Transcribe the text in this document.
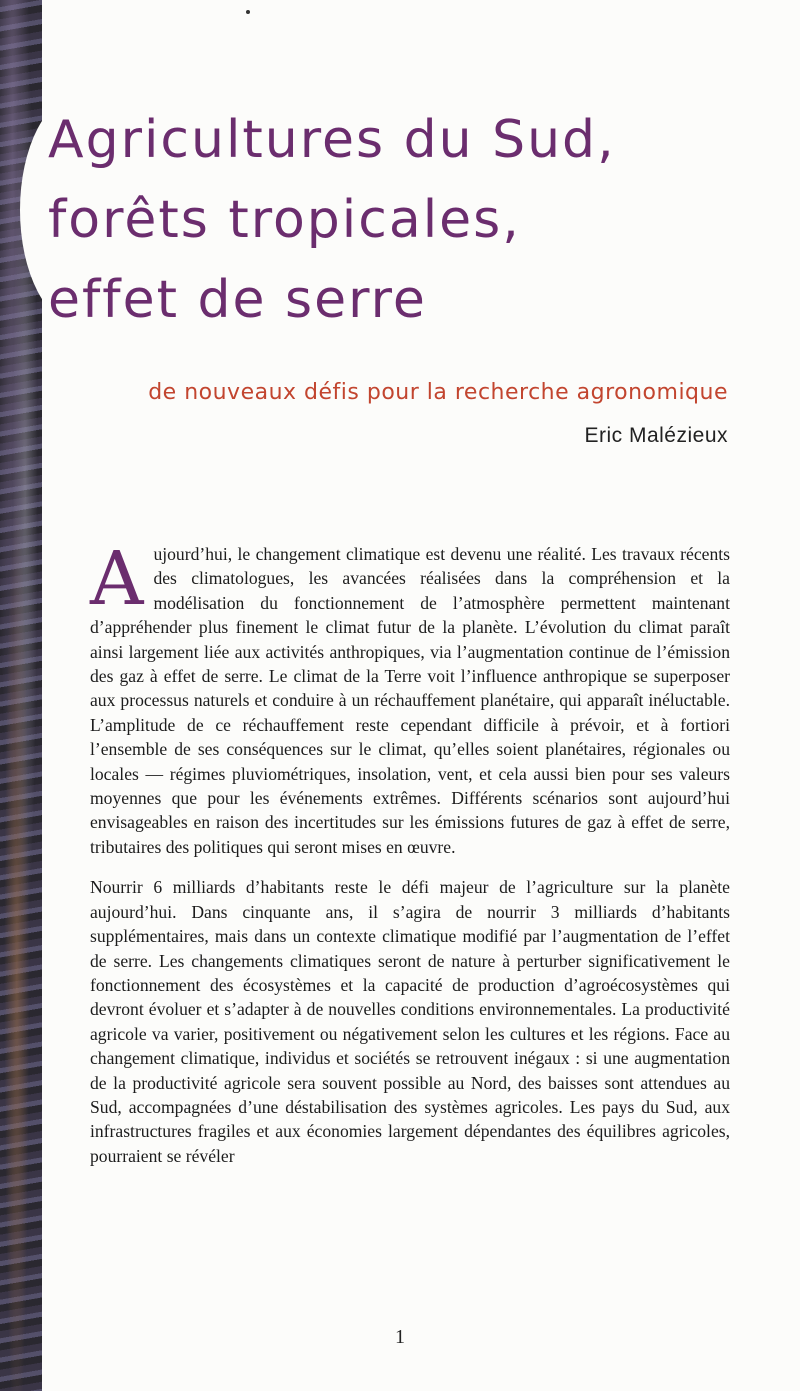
Agricultures du Sud,
forêts tropicales,
effet de serre
de nouveaux défis pour la recherche agronomique
Eric Malézieux

Aujourd’hui, le changement climatique est devenu une réalité. Les travaux récents des climatologues, les avancées réalisées dans la compréhension et la modélisation du fonctionnement de l’atmosphère permettent maintenant d’appréhender plus finement le climat futur de la planète. L’évolution du climat paraît ainsi largement liée aux activités anthropiques, via l’augmentation continue de l’émission des gaz à effet de serre. Le climat de la Terre voit l’influence anthropique se superposer aux processus naturels et conduire à un réchauffement planétaire, qui apparaît inéluctable. L’amplitude de ce réchauffement reste cependant difficile à prévoir, et à fortiori l’ensemble de ses conséquences sur le climat, qu’elles soient planétaires, régionales ou locales — régimes pluviométriques, insolation, vent, et cela aussi bien pour ses valeurs moyennes que pour les événements extrêmes. Différents scénarios sont aujourd’hui envisageables en raison des incertitudes sur les émissions futures de gaz à effet de serre, tributaires des politiques qui seront mises en œuvre.

Nourrir 6 milliards d’habitants reste le défi majeur de l’agriculture sur la planète aujourd’hui. Dans cinquante ans, il s’agira de nourrir 3 milliards d’habitants supplémentaires, mais dans un contexte climatique modifié par l’augmentation de l’effet de serre. Les changements climatiques seront de nature à perturber significativement le fonctionnement des écosystèmes et la capacité de production d’agroécosystèmes qui devront évoluer et s’adapter à de nouvelles conditions environnementales. La productivité agricole va varier, positivement ou négativement selon les cultures et les régions. Face au changement climatique, individus et sociétés se retrouvent inégaux : si une augmentation de la productivité agricole sera souvent possible au Nord, des baisses sont attendues au Sud, accompagnées d’une déstabilisation des systèmes agricoles. Les pays du Sud, aux infrastructures fragiles et aux économies largement dépendantes des équilibres agricoles, pourraient se révéler

1
